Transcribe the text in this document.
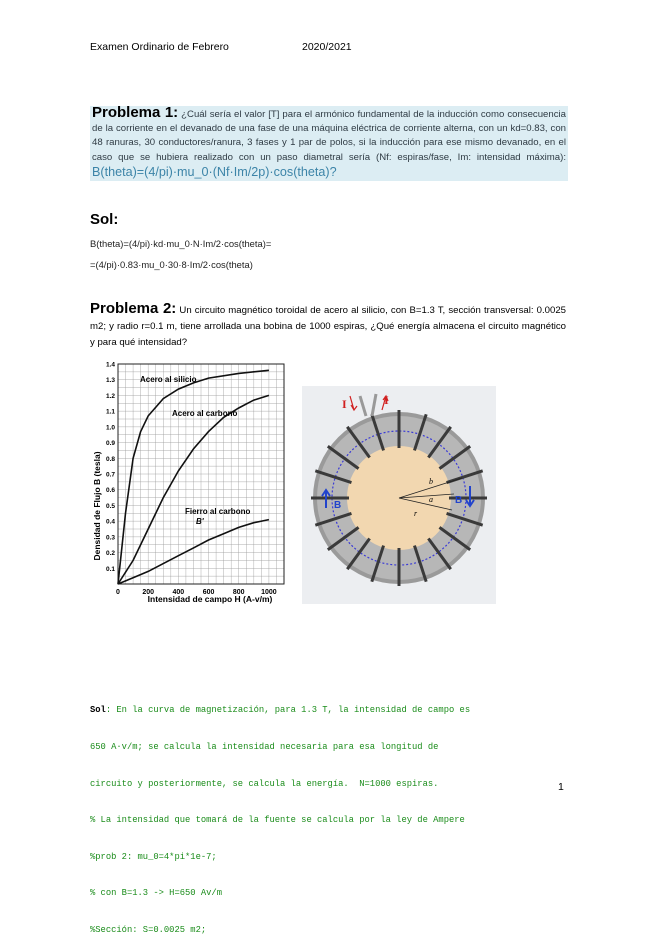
Examen Ordinario de Febrero	2020/2021
Problema 1: ¿Cuál sería el valor [T] para el armónico fundamental de la inducción como consecuencia de la corriente en el devanado de una fase de una máquina eléctrica de corriente alterna, con un kd=0.83, con 48 ranuras, 30 conductores/ranura, 3 fases y 1 par de polos, si la inducción para ese mismo devanado, en el caso que se hubiera realizado con un paso diametral sería (Nf: espiras/fase, Im: intensidad máxima): B(theta)=(4/pi)·mu_0·(Nf·Im/2p)·cos(theta)?
Sol:
B(theta)=(4/pi)·kd·mu_0·N·Im/2·cos(theta)=
=(4/pi)·0.83·mu_0·30·8·Im/2·cos(theta)
Problema 2: Un circuito magnético toroidal de acero al silicio, con B=1.3 T, sección transversal: 0.0025 m2; y radio r=0.1 m, tiene arrollada una bobina de 1000 espiras, ¿Qué energía almacena el circuito magnético y para qué intensidad?
0	200	400	600	800 1000
0.1
0.2
0.3
0.4
0.5
0.6
0.7
0.8
0.9
1.0
1.1
1.2
1.3
1.4
Densidad de Flujo B (tesla)
Intensidad de campo H (A-v/m)
Acero al silicio
Acero al carbono
Fierro al carbono
B'
b
a
r
I	I
B	B

Sol: En la curva de magnetización, para 1.3 T, la intensidad de campo es

650 A·v/m; se calcula la intensidad necesaria para esa longitud de

circuito y posteriormente, se calcula la energía.  N=1000 espiras.

% La intensidad que tomará de la fuente se calcula por la ley de Ampere

%prob 2: mu_0=4*pi*1e-7;

% con B=1.3 -> H=650 Av/m

%Sección: S=0.0025 m2;

1
